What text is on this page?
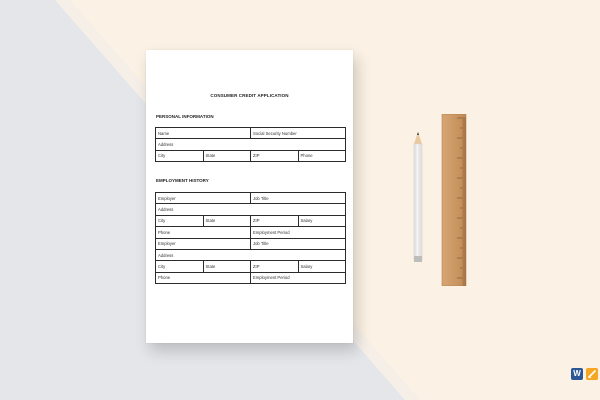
CONSUMER CREDIT APPLICATION
PERSONAL INFORMATION
Name		Social Security Number	
Address			
City	State	ZIP	Phone
EMPLOYMENT HISTORY
Employer		Job Title	
Address			
City	State	ZIP	Salary
Phone		Employment Period	
Employer		Job Title	
Address			
City	State	ZIP	Salary
Phone		Employment Period	
W
